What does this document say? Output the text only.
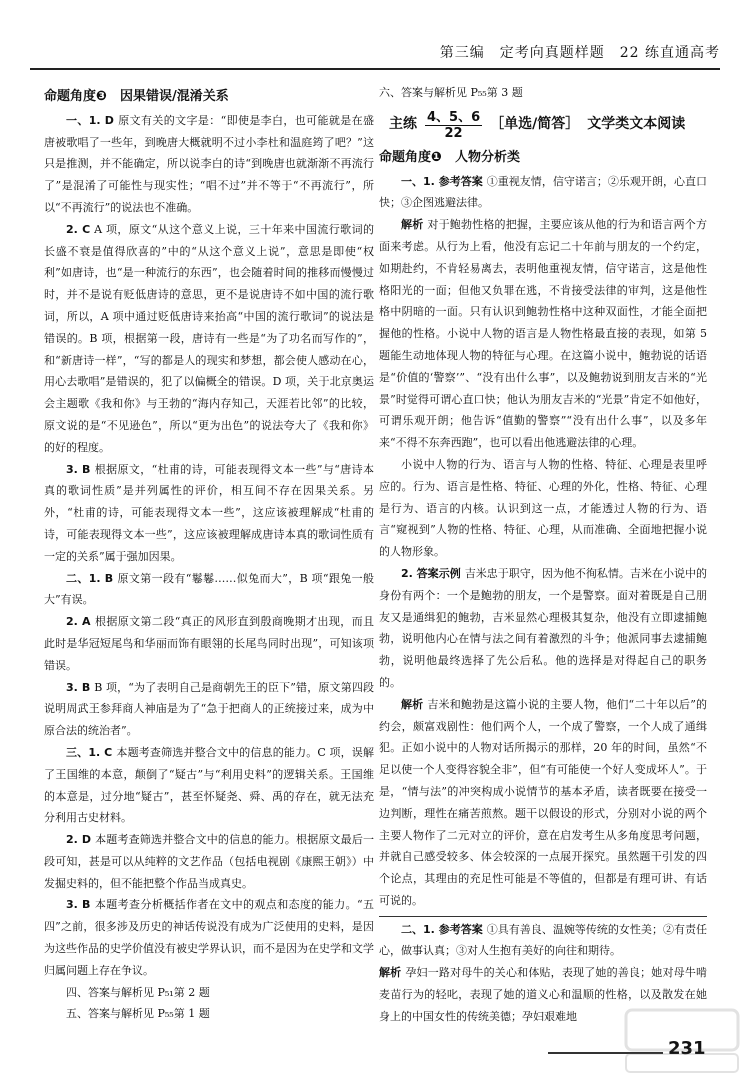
第三编　定考向真题样题　22 练直通高考
命题角度❸　因果错误/混淆关系

一、1. D 原文有关的文字是：“即使是李白，也可能就是在盛唐被歌唱了一些年，到晚唐大概就明不过小李杜和温庭筠了吧？”这只是推测，并不能确定，所以说李白的诗“到晚唐也就渐渐不再流行了”是混淆了可能性与现实性；“唱不过”并不等于“不再流行”，所以“不再流行”的说法也不准确。

2. C A 项，原文“从这个意义上说，三十年来中国流行歌词的长盛不衰是值得欣喜的”中的“从这个意义上说”，意思是即使“权利”如唐诗，也“是一种流行的东西”，也会随着时间的推移而慢慢过时，并不是说有贬低唐诗的意思，更不是说唐诗不如中国的流行歌词，所以，A 项中通过贬低唐诗来抬高“中国的流行歌词”的说法是错误的。B 项，根据第一段，唐诗有一些是“为了功名而写作的”，和“新唐诗一样”，“写的都是人的现实和梦想，都会使人感动在心，用心去歌唱”是错误的，犯了以偏概全的错误。D 项，关于北京奥运会主题歌《我和你》与王勃的“海内存知己，天涯若比邻”的比较，原文说的是“不见逊色”，所以“更为出色”的说法夸大了《我和你》的好的程度。

3. B 根据原文，“杜甫的诗，可能表现得文本一些”与“唐诗本真的歌词性质”是并列属性的评价，相互间不存在因果关系。另外，“杜甫的诗，可能表现得文本一些”，这应该被理解成“杜甫的诗，可能表现得文本一些”，这应该被理解成唐诗本真的歌词性质有一定的关系”属于强加因果。

二、1. B 原文第一段有“鬈鬈……似兔而大”，B 项“跟兔一般大”有误。

2. A 根据原文第二段“真正的风形直到殷商晚期才出现，而且此时是华冠短尾鸟和华丽而饰有眼翎的长尾鸟同时出现”，可知该项错误。

3. B B 项，“为了表明自己是商朝先王的臣下”错，原文第四段说明周武王参拜商人神庙是为了“急于把商人的正统接过来，成为中原合法的统治者”。

三、1. C 本题考查筛选并整合文中的信息的能力。C 项，误解了王国维的本意，颠倒了“疑古”与“利用史料”的逻辑关系。王国维的本意是，过分地“疑古”，甚至怀疑尧、舜、禹的存在，就无法充分利用古史材料。

2. D 本题考查筛选并整合文中的信息的能力。根据原文最后一段可知，甚是可以从纯粹的文艺作品（包括电视剧《康熙王朝》）中发掘史料的，但不能把整个作品当成真史。

3. B 本题考查分析概括作者在文中的观点和态度的能力。“五四”之前，很多涉及历史的神话传说没有成为广泛使用的史料，是因为这些作品的史学价值没有被史学界认识，而不是因为在史学和文学归属问题上存在争议。

四、答案与解析见 P₅₁第 2 题

五、答案与解析见 P₅₅第 1 题

六、答案与解析见 P₅₅第 3 题

主练 $\frac{4、5、6}{22}$ ［单选/简答］ 文学类文本阅读
命题角度❶　人物分析类

一、1. 参考答案 ①重视友情，信守诺言；②乐观开朗，心直口快；③企图逃避法律。

解析 对于鲍勃性格的把握，主要应该从他的行为和语言两个方面来考虑。从行为上看，他没有忘记二十年前与朋友的一个约定，如期赴约，不肯轻易离去，表明他重视友情，信守诺言，这是他性格阳光的一面；但他又负罪在逃，不肯接受法律的审判，这是他性格中阴暗的一面。只有认识到鲍勃性格中这种双面性，才能全面把握他的性格。小说中人物的语言是人物性格最直接的表现，如第 5 题能生动地体现人物的特征与心理。在这篇小说中，鲍勃说的话语是“价值的‘警察’”、“没有出什么事”，以及鲍勃说到朋友吉米的“光景”时觉得可谓心直口快；他认为朋友吉米的“光景”肯定不如他好，可谓乐观开朗；他告诉“值勤的警察”“没有出什么事”，以及多年来“不得不东奔西跑”，也可以看出他逃避法律的心理。

小说中人物的行为、语言与人物的性格、特征、心理是表里呼应的。行为、语言是性格、特征、心理的外化，性格、特征、心理是行为、语言的内核。认识到这一点，才能透过人物的行为、语言“窥视到”人物的性格、特征、心理，从而准确、全面地把握小说的人物形象。

2. 答案示例 吉米忠于职守，因为他不徇私情。吉米在小说中的身份有两个：一个是鲍勃的朋友，一个是警察。面对着既是自己朋友又是通缉犯的鲍勃，吉米显然心理极其复杂，他没有立即逮捕鲍勃，说明他内心在情与法之间有着激烈的斗争；他派同事去逮捕鲍勃，说明他最终选择了先公后私。他的选择是对得起自己的职务的。

解析 吉米和鲍勃是这篇小说的主要人物，他们“二十年以后”的约会，颇富戏剧性：他们两个人，一个成了警察，一个人成了通缉犯。正如小说中的人物对话所揭示的那样，20 年的时间，虽然“不足以使一个人变得容貌全非”，但“有可能使一个好人变成坏人”。于是，“情与法”的冲突构成小说情节的基本矛盾，读者既要在接受一边判断，理性在痛苦煎熬。题干以假设的形式，分别对小说的两个主要人物作了二元对立的评价，意在启发考生从多角度思考问题，并就自己感受较多、体会较深的一点展开探究。虽然题干引发的四个论点，其理由的充足性可能是不等值的，但都是有理可讲、有话可说的。

二、1. 参考答案 ①具有善良、温婉等传统的女性美；②有责任心，做事认真；③对人生抱有美好的向往和期待。

解析 孕妇一路对母牛的关心和体贴，表现了她的善良；她对母牛啃麦苗行为的轻叱，表现了她的道义心和温顺的性格，以及散发在她身上的中国女性的传统美德；孕妇艰难地

231
